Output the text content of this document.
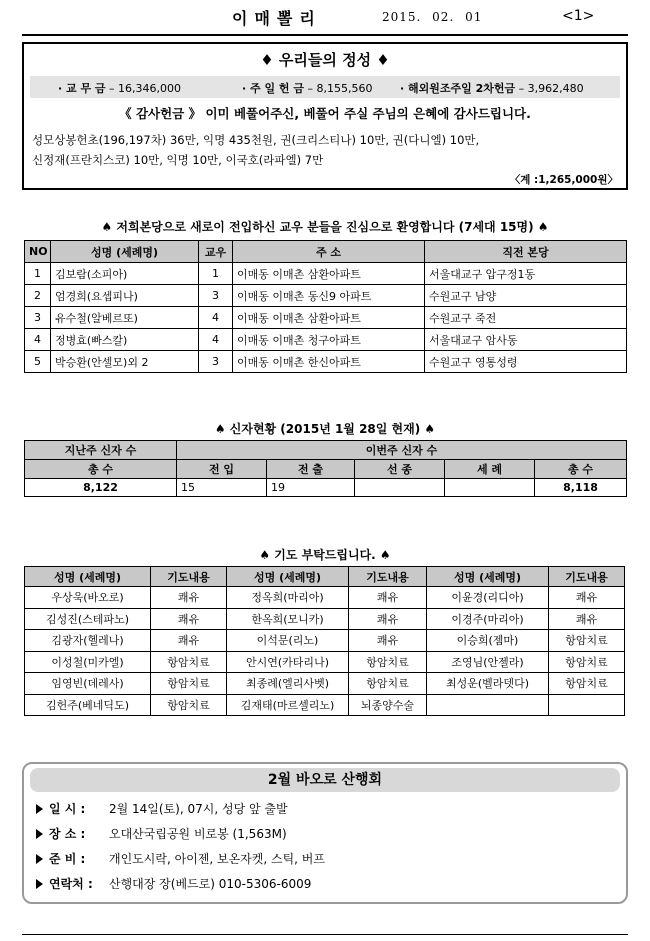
이매뽈리	2015. 02. 01	<1>
♦ 우리들의 정성 ♦
· 교 무 금 – 16,346,000	· 주 일 헌 금 – 8,155,560	· 해외원조주일 2차헌금 – 3,962,480
《 감사헌금 》 이미 베풀어주신, 베풀어 주실 주님의 은혜에 감사드립니다.
성모상봉헌초(196,197차) 36만, 익명 435천원, 권(크리스티나) 10만, 권(다니엘) 10만,
신정재(프란치스코) 10만, 익명 10만, 이국호(라파엘) 7만
〈계 :1,265,000원〉
♠ 저희본당으로 새로이 전입하신 교우 분들을 진심으로 환영합니다 (7세대 15명) ♠
NO	성명 (세례명)	교우	주 소	직전 본당
1	김보람(소피아)	1	이매동 이매촌 삼환아파트	서울대교구 압구정1동
2	엄경희(요셉피나)	3	이매동 이매촌 동신9 아파트	수원교구 남양
3	유수철(알베르또)	4	이매동 이매촌 삼환아파트	수원교구 죽전
4	정병효(빠스칼)	4	이매동 이매촌 청구아파트	서울대교구 암사동
5	박승환(안셀모)외 2	3	이매동 이매촌 한신아파트	수원교구 영통성령
♠ 신자현황 (2015년 1월 28일 현재) ♠
지난주 신자 수	이번주 신자 수				
총 수	전 입	전 출	선 종	세 례	총 수
8,122	15	19			8,118
♠ 기도 부탁드립니다. ♠
성명 (세례명)	기도내용	성명 (세례명)	기도내용	성명 (세례명)	기도내용
우상욱(바오로)	쾌유	정옥희(마리아)	쾌유	이윤경(리디아)	쾌유
김성진(스테파노)	쾌유	한옥희(모니카)	쾌유	이경주(마리아)	쾌유
김광자(헬레나)	쾌유	이석문(리노)	쾌유	이승희(젬마)	항암치료
이성철(미카엘)	항암치료	안시연(카타리나)	항암치료	조영님(안젤라)	항암치료
임영빈(데레사)	항암치료	최종례(엘리사벳)	항암치료	최성운(벨라뎃다)	항암치료
김헌주(베네딕도)	항암치료	김재태(마르셀리노)	뇌종양수술		
2월 바오로 산행회
일 시 : 2월 14일(토), 07시, 성당 앞 출발
장 소 : 오대산국립공원 비로봉 (1,563M)
준 비 : 개인도시락, 아이젠, 보온자켓, 스틱, 버프
연락처 : 산행대장 장(베드로) 010-5306-6009
